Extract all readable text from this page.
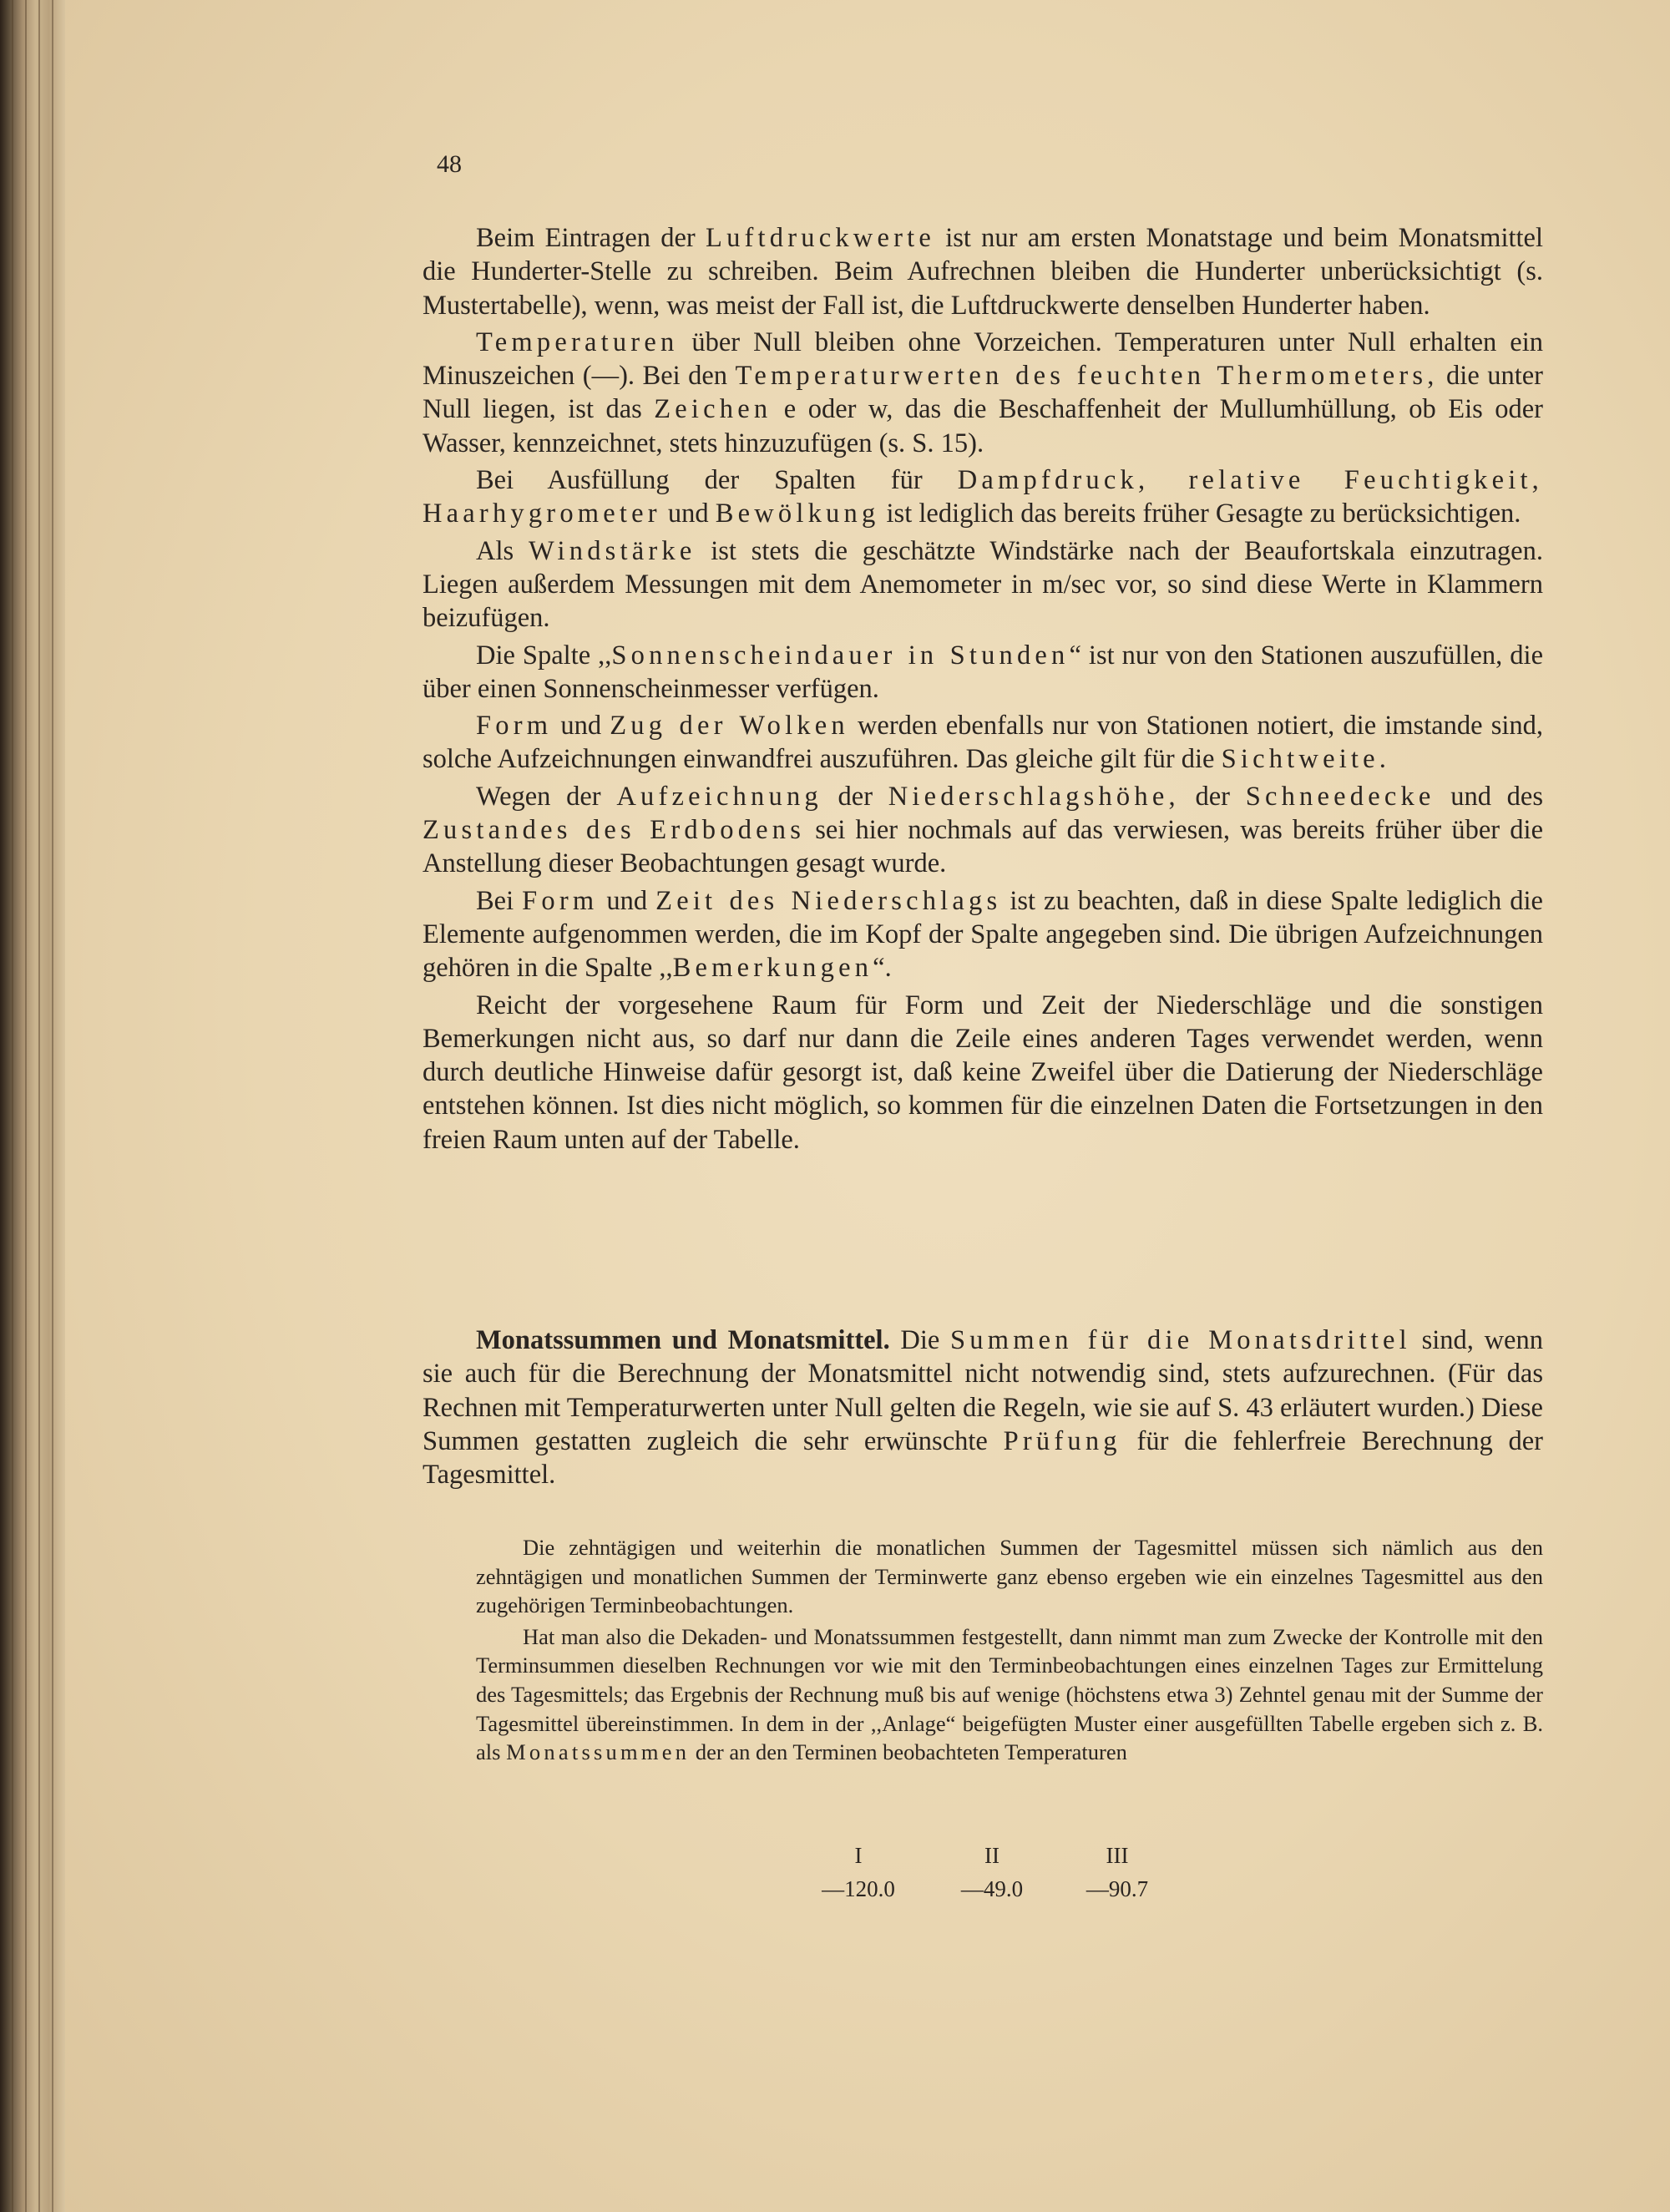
48

Beim Eintragen der Luftdruckwerte ist nur am ersten Monatstage und beim Monatsmittel die Hunderter-Stelle zu schreiben. Beim Aufrechnen bleiben die Hunderter unberücksichtigt (s. Mustertabelle), wenn, was meist der Fall ist, die Luftdruckwerte denselben Hunderter haben.

Temperaturen über Null bleiben ohne Vorzeichen. Temperaturen unter Null erhalten ein Minuszeichen (—). Bei den Temperaturwerten des feuchten Thermometers, die unter Null liegen, ist das Zeichen e oder w, das die Beschaffenheit der Mullumhüllung, ob Eis oder Wasser, kennzeichnet, stets hinzuzufügen (s. S. 15).

Bei Ausfüllung der Spalten für Dampfdruck, relative Feuchtigkeit, Haarhygrometer und Bewölkung ist lediglich das bereits früher Gesagte zu berücksichtigen.

Als Windstärke ist stets die geschätzte Windstärke nach der Beaufortskala einzutragen. Liegen außerdem Messungen mit dem Anemometer in m/sec vor, so sind diese Werte in Klammern beizufügen.

Die Spalte ,,Sonnenscheindauer in Stunden“ ist nur von den Stationen auszufüllen, die über einen Sonnenscheinmesser verfügen.

Form und Zug der Wolken werden ebenfalls nur von Stationen notiert, die imstande sind, solche Aufzeichnungen einwandfrei auszuführen. Das gleiche gilt für die Sichtweite.

Wegen der Aufzeichnung der Niederschlagshöhe, der Schneedecke und des Zustandes des Erdbodens sei hier nochmals auf das verwiesen, was bereits früher über die Anstellung dieser Beobachtungen gesagt wurde.

Bei Form und Zeit des Niederschlags ist zu beachten, daß in diese Spalte lediglich die Elemente aufgenommen werden, die im Kopf der Spalte angegeben sind. Die übrigen Aufzeichnungen gehören in die Spalte ,,Bemerkungen“.

Reicht der vorgesehene Raum für Form und Zeit der Niederschläge und die sonstigen Bemerkungen nicht aus, so darf nur dann die Zeile eines anderen Tages verwendet werden, wenn durch deutliche Hinweise dafür gesorgt ist, daß keine Zweifel über die Datierung der Niederschläge entstehen können. Ist dies nicht möglich, so kommen für die einzelnen Daten die Fortsetzungen in den freien Raum unten auf der Tabelle.

Monatssummen und Monatsmittel. Die Summen für die Monatsdrittel sind, wenn sie auch für die Berechnung der Monatsmittel nicht notwendig sind, stets aufzurechnen. (Für das Rechnen mit Temperaturwerten unter Null gelten die Regeln, wie sie auf S. 43 erläutert wurden.) Diese Summen gestatten zugleich die sehr erwünschte Prüfung für die fehlerfreie Berechnung der Tagesmittel.

Die zehntägigen und weiterhin die monatlichen Summen der Tagesmittel müssen sich nämlich aus den zehntägigen und monatlichen Summen der Terminwerte ganz ebenso ergeben wie ein einzelnes Tagesmittel aus den zugehörigen Terminbeobachtungen.

Hat man also die Dekaden- und Monatssummen festgestellt, dann nimmt man zum Zwecke der Kontrolle mit den Terminsummen dieselben Rechnungen vor wie mit den Terminbeobachtungen eines einzelnen Tages zur Ermittelung des Tagesmittels; das Ergebnis der Rechnung muß bis auf wenige (höchstens etwa 3) Zehntel genau mit der Summe der Tagesmittel übereinstimmen. In dem in der ,,Anlage“ beigefügten Muster einer ausgefüllten Tabelle ergeben sich z. B. als Monatssummen der an den Terminen beobachteten Temperaturen

I	II	III
—120.0	—49.0	—90.7
